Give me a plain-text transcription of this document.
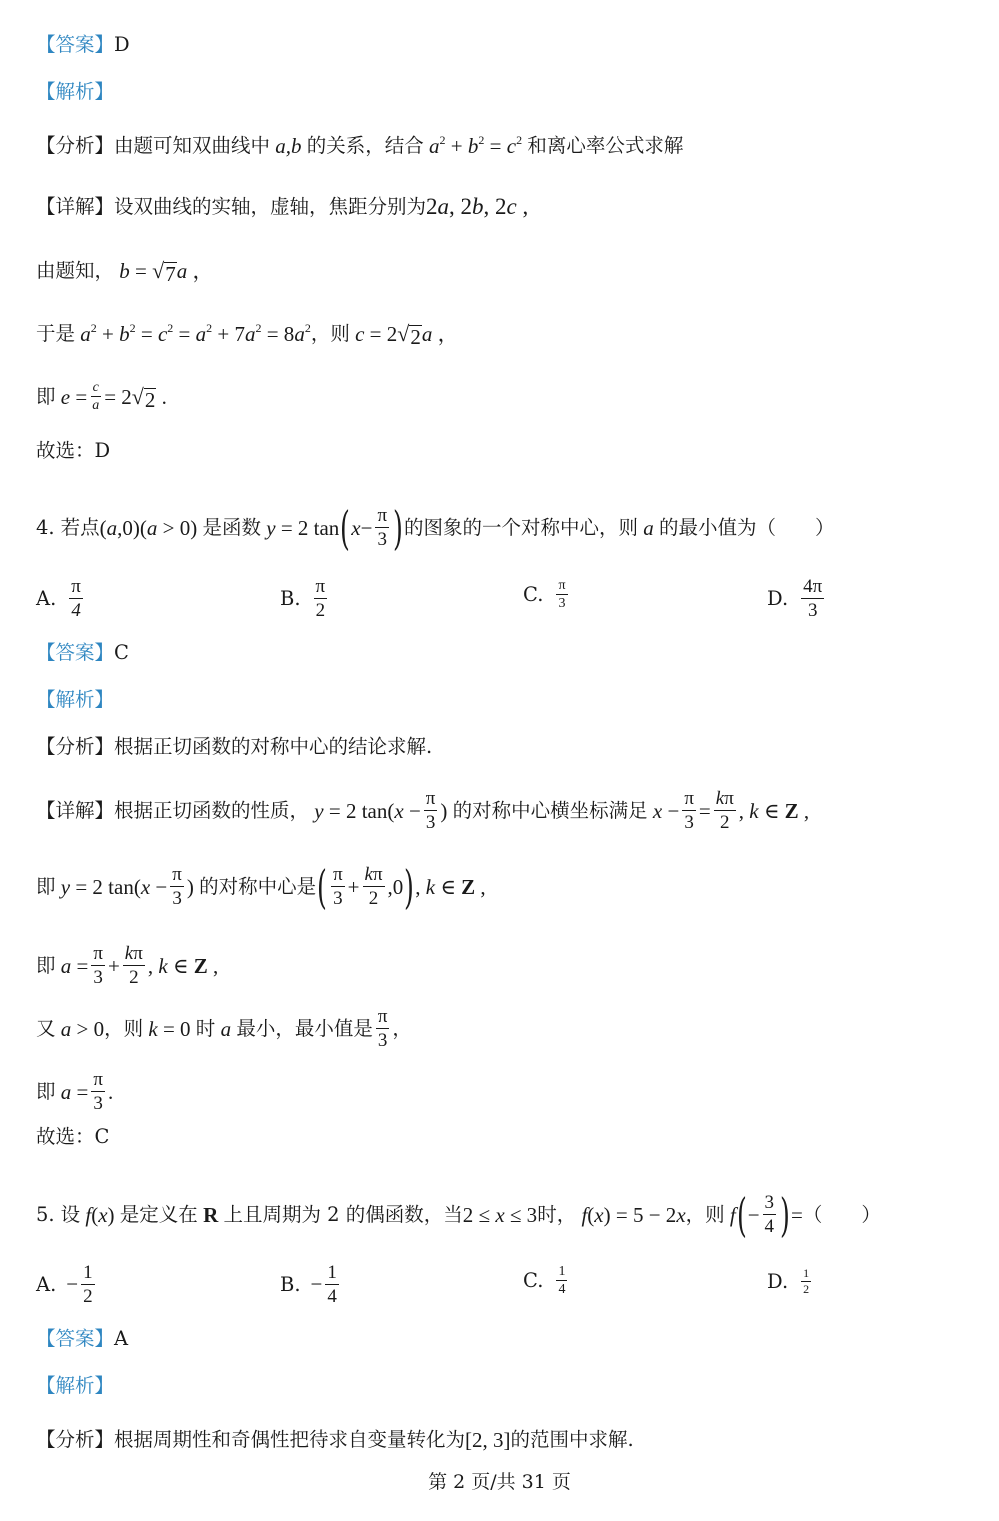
【答案】 D
【解析】
【分析】 由题可知双曲线中 a,b 的关系，结合 $a^2 + b^2 = c^2$ 和离心率公式求解
【详解】 设双曲线的实轴，虚轴，焦距分别为 2a, 2b, 2c ,
由题知， b = √ 7 a ，
于是 $a^2 + b^2 = c^2 = a^2 + 7a^2 = 8a^2$ ，则 c = 2 √ 2 a ，
即 $e = \frac{c}{a} = 2$ √ 2 .
故选：D
4. 若点 (a,0)(a > 0) 是函数 y = 2 tan ( $x - \frac{\pi}{3}$ ) 的图象的一个对称中心，则 a 的最小值为（　　）
A. $\frac{\pi}{4}$	B. $\frac{\pi}{2}$	C. $\frac{\pi}{3}$	D. $\frac{4\pi}{3}$
【答案】 C
【解析】
【分析】 根据正切函数的对称中心的结论求解.
【详解】 根据正切函数的性质， y = 2 $\tan(x - \frac{\pi}{3}$ ) 的对称中心横坐标满足 $x - \frac{\pi}{3} = \frac{k\pi}{2}$ , k ∈ Z ,
即 y = 2 $\tan(x - \frac{\pi}{3}$ ) 的对称中心是 ( $\frac{\pi}{3} + \frac{k\pi}{2} ,0$ ) , k ∈ Z ,
即 $a = \frac{\pi}{3} + \frac{k\pi}{2}$ , k ∈ Z ,
又 a > 0 ，则 k = 0 时 a 最小，最小值是 $\frac{\pi}{3}$ ，
即 $a = \frac{\pi}{3}$ .
故选：C
5. 设 f(x) 是定义在 R 上且周期为 2 的偶函数，当 2 ≤ x ≤ 3 时， f(x) = 5 − 2x ，则 f ( − $\frac{3}{4}$ ) = （　　）
A. − $\frac{1}{2}$	B. − $\frac{1}{4}$	C. $\frac{1}{4}$	D. $\frac{1}{2}$
【答案】 A
【解析】
【分析】 根据周期性和奇偶性把待求自变量转化为 [2, 3] 的范围中求解.
第 2 页/共 31 页
